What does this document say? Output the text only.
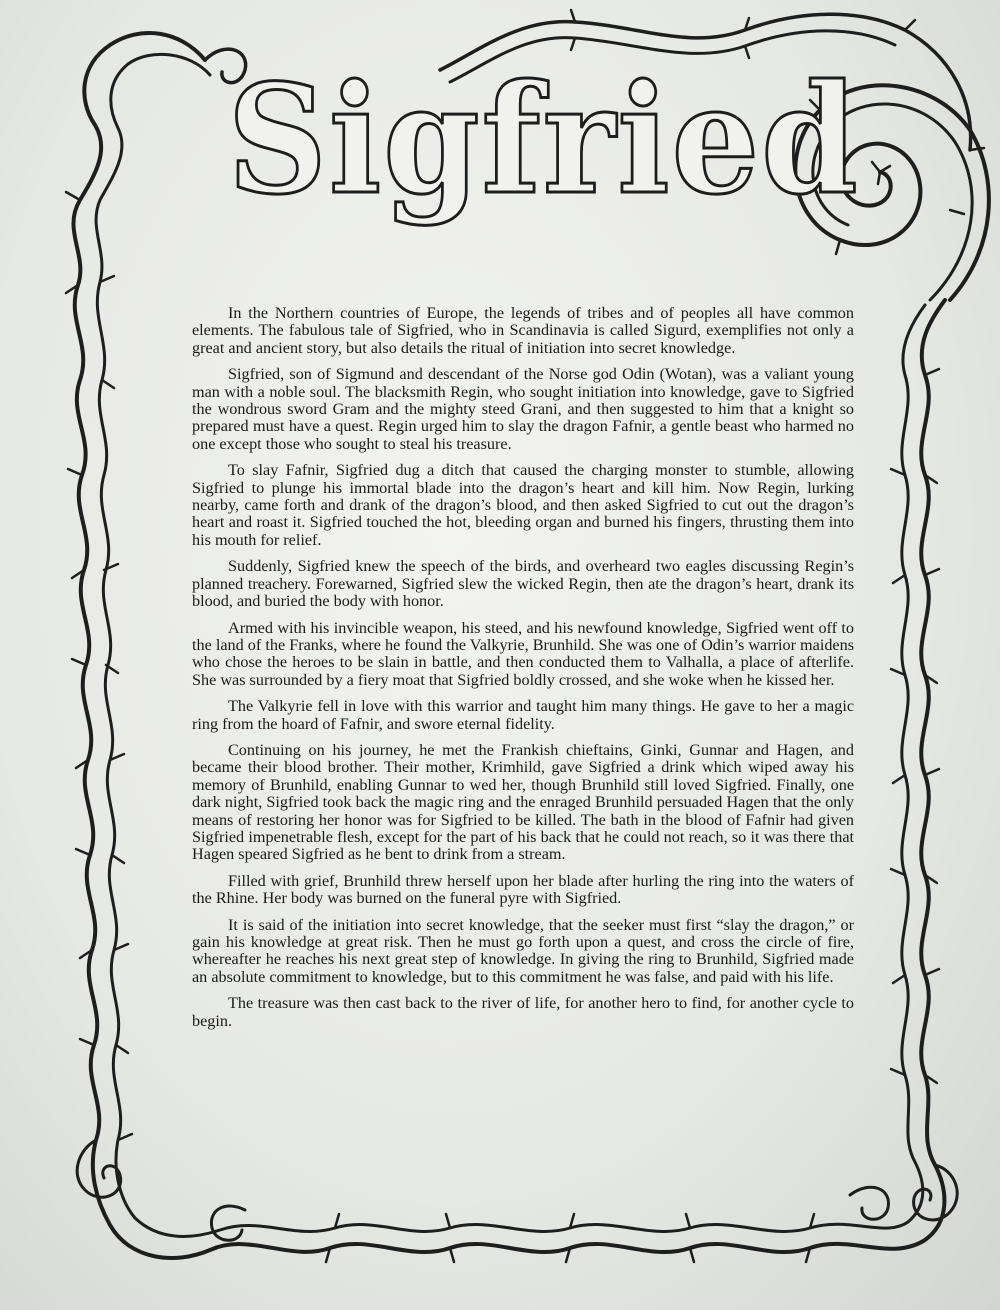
Sigfried

In the Northern countries of Europe, the legends of tribes and of peoples all have common elements. The fabulous tale of Sigfried, who in Scandinavia is called Sigurd, exemplifies not only a great and ancient story, but also details the ritual of initiation into secret knowledge.

Sigfried, son of Sigmund and descendant of the Norse god Odin (Wotan), was a valiant young man with a noble soul. The blacksmith Regin, who sought initiation into knowledge, gave to Sigfried the wondrous sword Gram and the mighty steed Grani, and then suggested to him that a knight so prepared must have a quest. Regin urged him to slay the dragon Fafnir, a gentle beast who harmed no one except those who sought to steal his treasure.

To slay Fafnir, Sigfried dug a ditch that caused the charging monster to stumble, allowing Sigfried to plunge his immortal blade into the dragon’s heart and kill him. Now Regin, lurking nearby, came forth and drank of the dragon’s blood, and then asked Sigfried to cut out the dragon’s heart and roast it. Sigfried touched the hot, bleeding organ and burned his fingers, thrusting them into his mouth for relief.

Suddenly, Sigfried knew the speech of the birds, and overheard two eagles discussing Regin’s planned treachery. Forewarned, Sigfried slew the wicked Regin, then ate the dragon’s heart, drank its blood, and buried the body with honor.

Armed with his invincible weapon, his steed, and his newfound knowledge, Sigfried went off to the land of the Franks, where he found the Valkyrie, Brunhild. She was one of Odin’s warrior maidens who chose the heroes to be slain in battle, and then conducted them to Valhalla, a place of afterlife. She was surrounded by a fiery moat that Sigfried boldly crossed, and she woke when he kissed her.

The Valkyrie fell in love with this warrior and taught him many things. He gave to her a magic ring from the hoard of Fafnir, and swore eternal fidelity.

Continuing on his journey, he met the Frankish chieftains, Ginki, Gunnar and Hagen, and became their blood brother. Their mother, Krimhild, gave Sigfried a drink which wiped away his memory of Brunhild, enabling Gunnar to wed her, though Brunhild still loved Sigfried. Finally, one dark night, Sigfried took back the magic ring and the enraged Brunhild persuaded Hagen that the only means of restoring her honor was for Sigfried to be killed. The bath in the blood of Fafnir had given Sigfried impenetrable flesh, except for the part of his back that he could not reach, so it was there that Hagen speared Sigfried as he bent to drink from a stream.

Filled with grief, Brunhild threw herself upon her blade after hurling the ring into the waters of the Rhine. Her body was burned on the funeral pyre with Sigfried.

It is said of the initiation into secret knowledge, that the seeker must first “slay the dragon,” or gain his knowledge at great risk. Then he must go forth upon a quest, and cross the circle of fire, whereafter he reaches his next great step of knowledge. In giving the ring to Brunhild, Sigfried made an absolute commitment to knowledge, but to this commitment he was false, and paid with his life.

The treasure was then cast back to the river of life, for another hero to find, for another cycle to begin.
